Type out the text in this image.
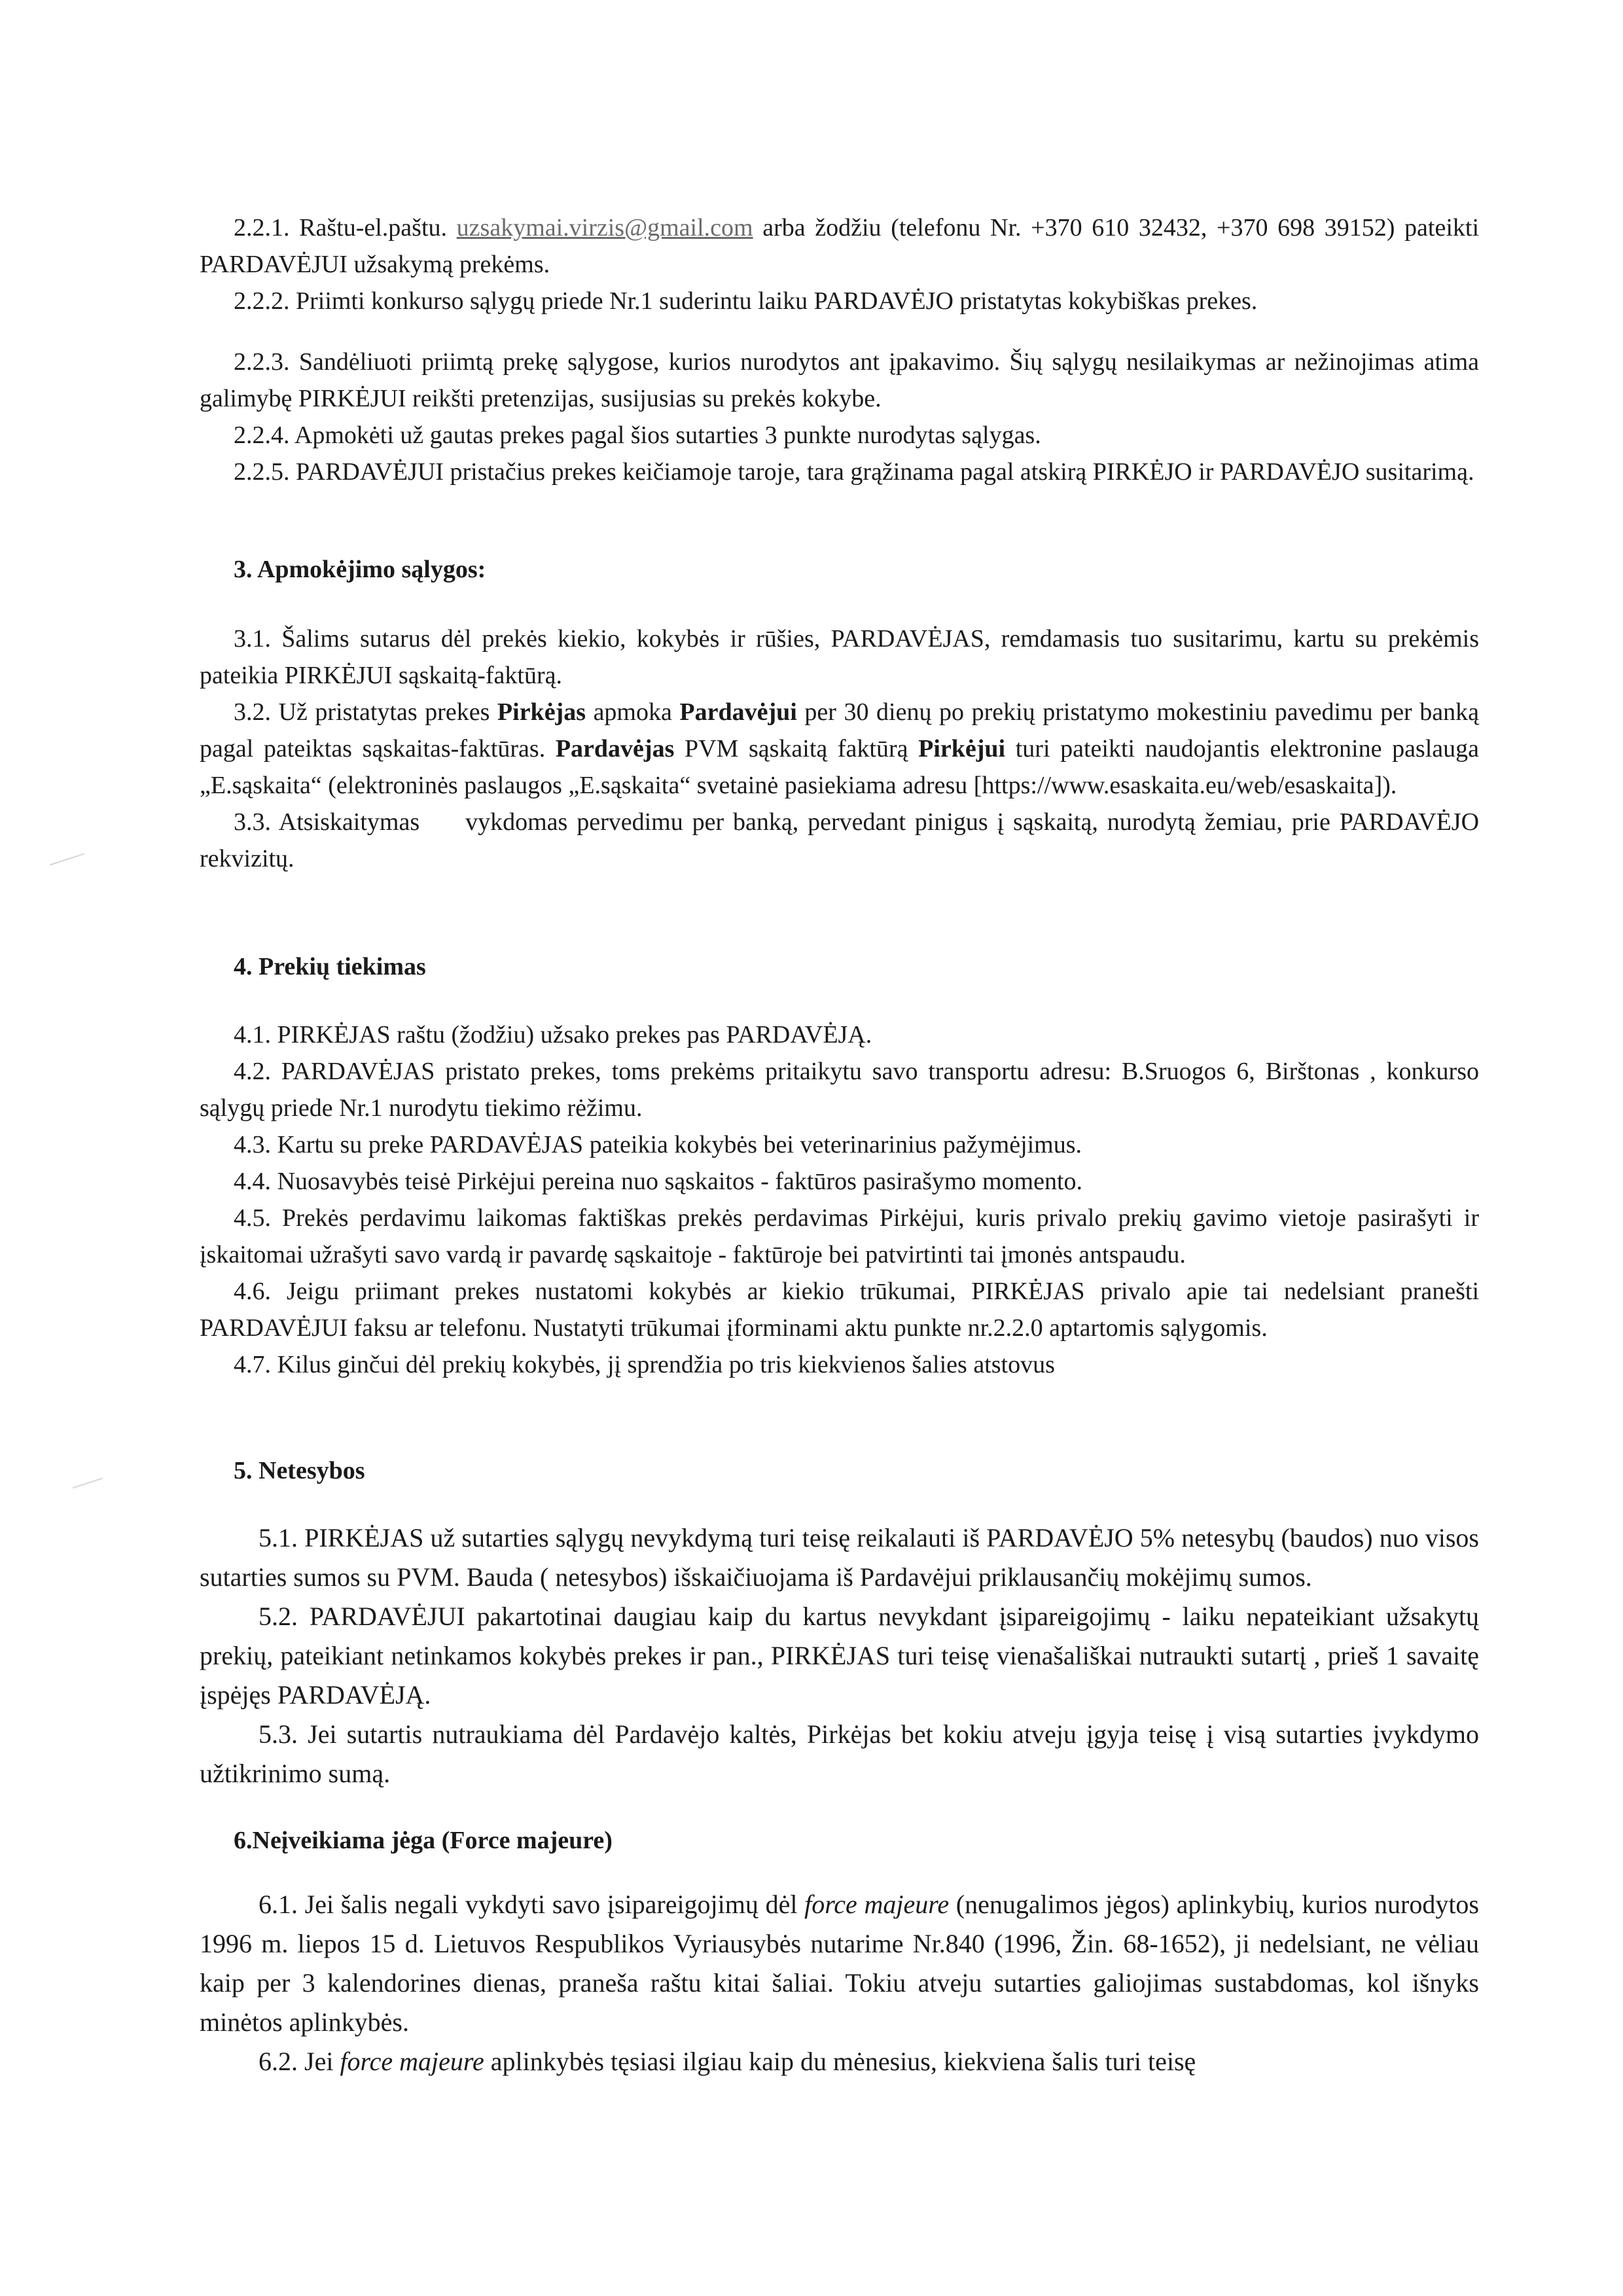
2.2.1. Raštu-el.paštu. uzsakymai.virzis@gmail.com arba žodžiu (telefonu Nr. +370 610 32432, +370 698 39152) pateikti PARDAVĖJUI užsakymą prekėms.

2.2.2. Priimti konkurso sąlygų priede Nr.1 suderintu laiku PARDAVĖJO pristatytas kokybiškas prekes.

2.2.3. Sandėliuoti priimtą prekę sąlygose, kurios nurodytos ant įpakavimo. Šių sąlygų nesilaikymas ar nežinojimas atima galimybę PIRKĖJUI reikšti pretenzijas, susijusias su prekės kokybe.

2.2.4. Apmokėti už gautas prekes pagal šios sutarties 3 punkte nurodytas sąlygas.

2.2.5. PARDAVĖJUI pristačius prekes keičiamoje taroje, tara grąžinama pagal atskirą PIRKĖJO ir PARDAVĖJO susitarimą.

3. Apmokėjimo sąlygos:

3.1. Šalims sutarus dėl prekės kiekio, kokybės ir rūšies, PARDAVĖJAS, remdamasis tuo susitarimu, kartu su prekėmis pateikia PIRKĖJUI sąskaitą-faktūrą.

3.2. Už pristatytas prekes Pirkėjas apmoka Pardavėjui per 30 dienų po prekių pristatymo mokestiniu pavedimu per banką pagal pateiktas sąskaitas-faktūras. Pardavėjas PVM sąskaitą faktūrą Pirkėjui turi pateikti naudojantis elektronine paslauga „E.sąskaita“ (elektroninės paslaugos „E.sąskaita“ svetainė pasiekiama adresu [https://www.esaskaita.eu/web/esaskaita]).

3.3. Atsiskaitymas vykdomas pervedimu per banką, pervedant pinigus į sąskaitą, nurodytą žemiau, prie PARDAVĖJO rekvizitų.

4. Prekių tiekimas

4.1. PIRKĖJAS raštu (žodžiu) užsako prekes pas PARDAVĖJĄ.

4.2. PARDAVĖJAS pristato prekes, toms prekėms pritaikytu savo transportu adresu: B.Sruogos 6, Birštonas , konkurso sąlygų priede Nr.1 nurodytu tiekimo rėžimu.

4.3. Kartu su preke PARDAVĖJAS pateikia kokybės bei veterinarinius pažymėjimus.

4.4. Nuosavybės teisė Pirkėjui pereina nuo sąskaitos - faktūros pasirašymo momento.

4.5. Prekės perdavimu laikomas faktiškas prekės perdavimas Pirkėjui, kuris privalo prekių gavimo vietoje pasirašyti ir įskaitomai užrašyti savo vardą ir pavardę sąskaitoje - faktūroje bei patvirtinti tai įmonės antspaudu.

4.6. Jeigu priimant prekes nustatomi kokybės ar kiekio trūkumai, PIRKĖJAS privalo apie tai nedelsiant pranešti PARDAVĖJUI faksu ar telefonu. Nustatyti trūkumai įforminami aktu punkte nr.2.2.0 aptartomis sąlygomis.

4.7. Kilus ginčui dėl prekių kokybės, jį sprendžia po tris kiekvienos šalies atstovus

5. Netesybos

5.1. PIRKĖJAS už sutarties sąlygų nevykdymą turi teisę reikalauti iš PARDAVĖJO 5% netesybų (baudos) nuo visos sutarties sumos su PVM. Bauda ( netesybos) išskaičiuojama iš Pardavėjui priklausančių mokėjimų sumos.

5.2. PARDAVĖJUI pakartotinai daugiau kaip du kartus nevykdant įsipareigojimų - laiku nepateikiant užsakytų prekių, pateikiant netinkamos kokybės prekes ir pan., PIRKĖJAS turi teisę vienašališkai nutraukti sutartį , prieš 1 savaitę įspėjęs PARDAVĖJĄ.

5.3. Jei sutartis nutraukiama dėl Pardavėjo kaltės, Pirkėjas bet kokiu atveju įgyja teisę į visą sutarties įvykdymo užtikrinimo sumą.

6.Neįveikiama jėga (Force majeure)

6.1. Jei šalis negali vykdyti savo įsipareigojimų dėl force majeure (nenugalimos jėgos) aplinkybių, kurios nurodytos 1996 m. liepos 15 d. Lietuvos Respublikos Vyriausybės nutarime Nr.840 (1996, Žin. 68-1652), ji nedelsiant, ne vėliau kaip per 3 kalendorines dienas, praneša raštu kitai šaliai. Tokiu atveju sutarties galiojimas sustabdomas, kol išnyks minėtos aplinkybės.

6.2. Jei force majeure aplinkybės tęsiasi ilgiau kaip du mėnesius, kiekviena šalis turi teisę
